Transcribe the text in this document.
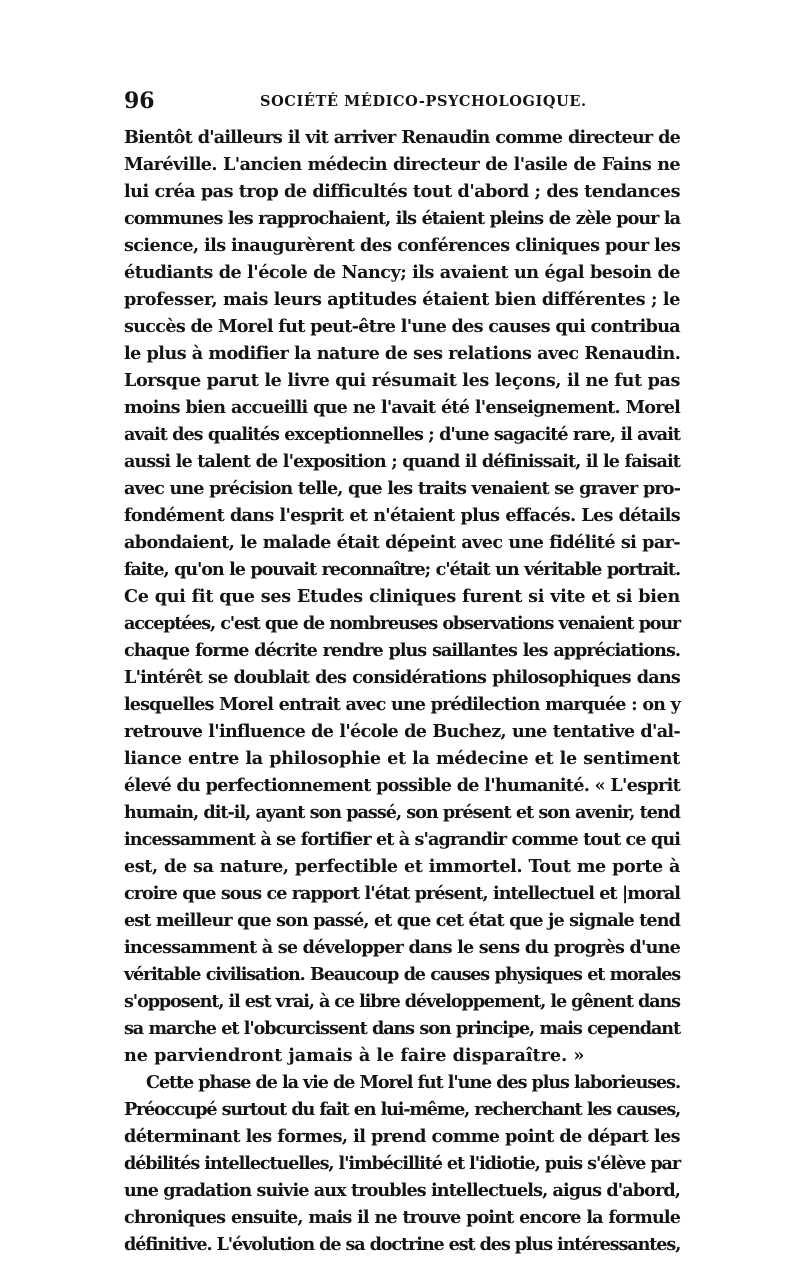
96	SOCIÉTÉ MÉDICO-PSYCHOLOGIQUE.
Bientôt d'ailleurs il vit arriver Renaudin comme directeur de
Maréville. L'ancien médecin directeur de l'asile de Fains ne
lui créa pas trop de difficultés tout d'abord ; des tendances
communes les rapprochaient, ils étaient pleins de zèle pour la
science, ils inaugurèrent des conférences cliniques pour les
étudiants de l'école de Nancy; ils avaient un égal besoin de
professer, mais leurs aptitudes étaient bien différentes ; le
succès de Morel fut peut-être l'une des causes qui contribua
le plus à modifier la nature de ses relations avec Renaudin.
Lorsque parut le livre qui résumait les leçons, il ne fut pas
moins bien accueilli que ne l'avait été l'enseignement. Morel
avait des qualités exceptionnelles ; d'une sagacité rare, il avait
aussi le talent de l'exposition ; quand il définissait, il le faisait
avec une précision telle, que les traits venaient se graver pro-
fondément dans l'esprit et n'étaient plus effacés. Les détails
abondaient, le malade était dépeint avec une fidélité si par-
faite, qu'on le pouvait reconnaître; c'était un véritable portrait.
Ce qui fit que ses Etudes cliniques furent si vite et si bien
acceptées, c'est que de nombreuses observations venaient pour
chaque forme décrite rendre plus saillantes les appréciations.
L'intérêt se doublait des considérations philosophiques dans
lesquelles Morel entrait avec une prédilection marquée : on y
retrouve l'influence de l'école de Buchez, une tentative d'al-
liance entre la philosophie et la médecine et le sentiment
élevé du perfectionnement possible de l'humanité. « L'esprit
humain, dit-il, ayant son passé, son présent et son avenir, tend
incessamment à se fortifier et à s'agrandir comme tout ce qui
est, de sa nature, perfectible et immortel. Tout me porte à
croire que sous ce rapport l'état présent, intellectuel et |moral
est meilleur que son passé, et que cet état que je signale tend
incessamment à se développer dans le sens du progrès d'une
véritable civilisation. Beaucoup de causes physiques et morales
s'opposent, il est vrai, à ce libre développement, le gênent dans
sa marche et l'obcurcissent dans son principe, mais cependant
ne parviendront jamais à le faire disparaître. »
Cette phase de la vie de Morel fut l'une des plus laborieuses.
Préoccupé surtout du fait en lui-même, recherchant les causes,
déterminant les formes, il prend comme point de départ les
débilités intellectuelles, l'imbécillité et l'idiotie, puis s'élève par
une gradation suivie aux troubles intellectuels, aigus d'abord,
chroniques ensuite, mais il ne trouve point encore la formule
définitive. L'évolution de sa doctrine est des plus intéressantes,
